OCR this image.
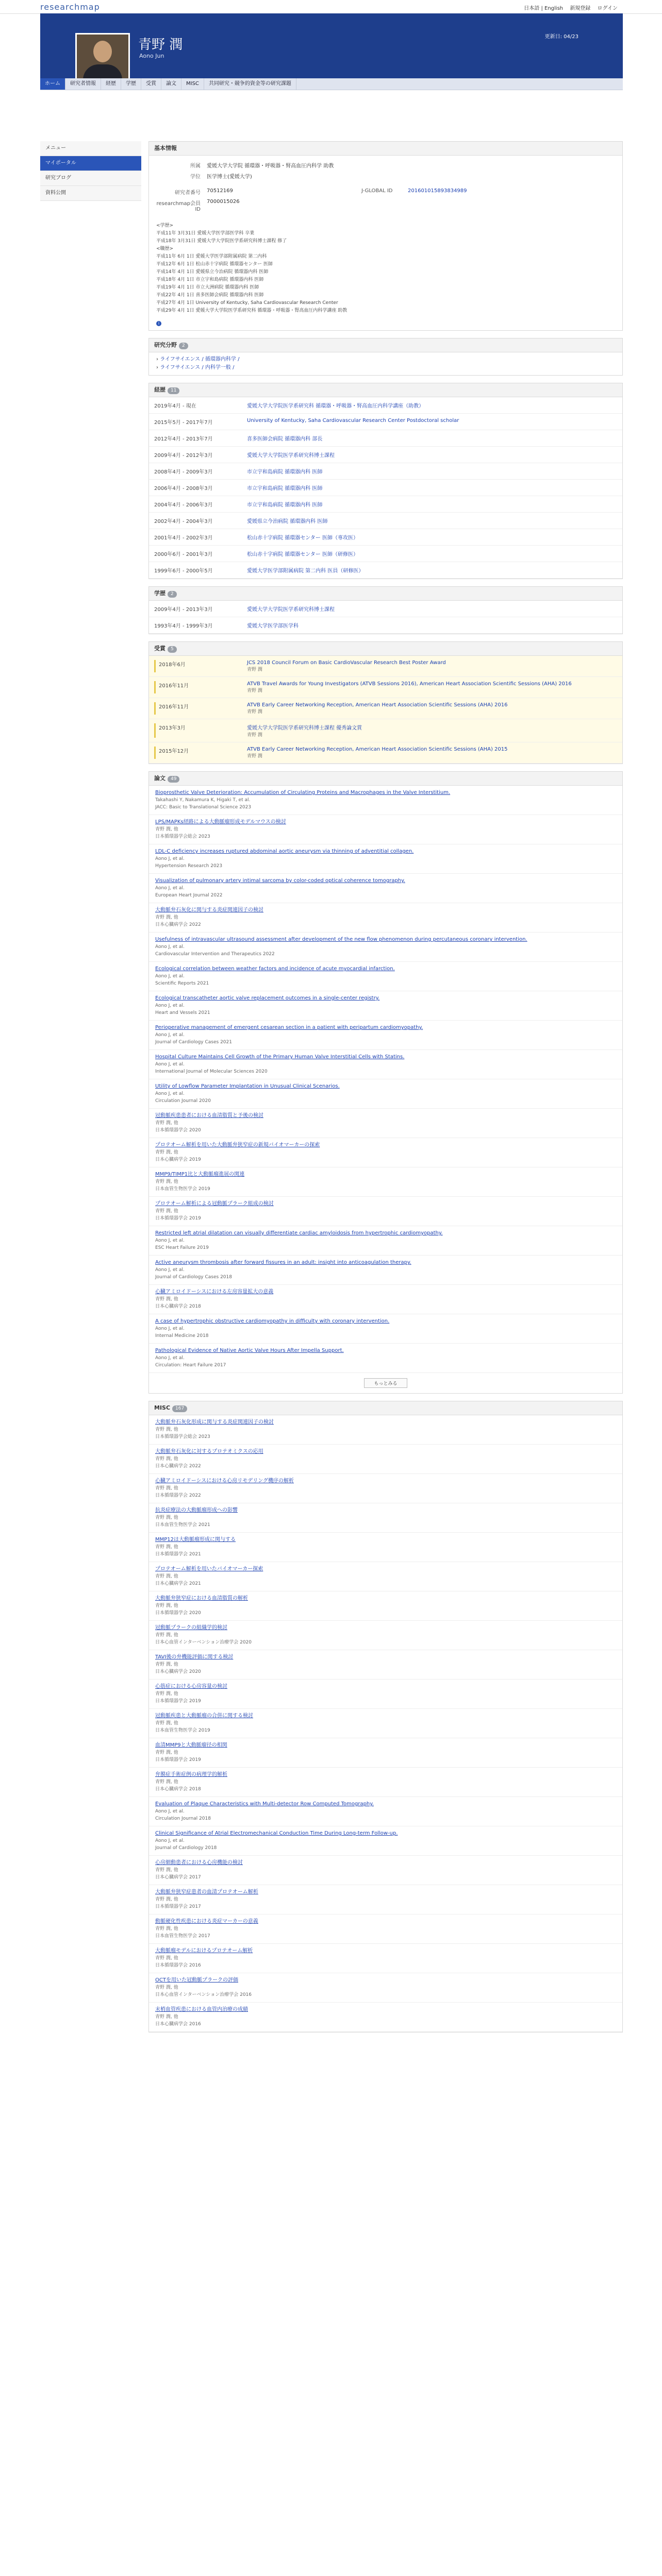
researchmap	日本語 | English 新規登録 ログイン
青野 潤
Aono Jun
更新日: 04/23
ホーム 研究者情報 経歴 学歴 受賞 論文 MISC 共同研究・競争的資金等の研究課題
メニュー
マイポータル
研究ブログ
資料公開
基本情報
所属	愛媛大学大学院 循環器・呼吸器・腎高血圧内科学 助教
学位	医学博士(愛媛大学)
研究者番号	70512169	J-GLOBAL ID	201601015893834989
researchmap会員ID
7000015026
<学歴>
平成11年 3月31日 愛媛大学医学部医学科 卒業
平成18年 3月31日 愛媛大学大学院医学系研究科博士課程 修了
<職歴>
平成11年 6月 1日 愛媛大学医学部附属病院 第二内科
平成12年 6月 1日 松山赤十字病院 循環器センター 医師
平成14年 4月 1日 愛媛県立今治病院 循環器内科 医師
平成18年 4月 1日 市立宇和島病院 循環器内科 医師
平成19年 4月 1日 市立大洲病院 循環器内科 医師
平成22年 4月 1日 喜多医師会病院 循環器内科 医師
平成27年 4月 1日 University of Kentucky, Saha Cardiovascular Research Center
平成29年 4月 1日 愛媛大学大学院医学系研究科 循環器・呼吸器・腎高血圧内科学講座 助教
i
研究分野 2
› ライフサイエンス / 循環器内科学 /
› ライフサイエンス / 内科学一般 /
経歴 11
2019年4月 - 現在	愛媛大学大学院医学系研究科 循環器・呼吸器・腎高血圧内科学講座（助教）
2015年5月 - 2017年7月	University of Kentucky, Saha Cardiovascular Research Center Postdoctoral scholar
2012年4月 - 2013年7月	喜多医師会病院 循環器内科 部長
2009年4月 - 2012年3月	愛媛大学大学院医学系研究科博士課程
2008年4月 - 2009年3月	市立宇和島病院 循環器内科 医師
2006年4月 - 2008年3月	市立宇和島病院 循環器内科 医師
2004年4月 - 2006年3月	市立宇和島病院 循環器内科 医師
2002年4月 - 2004年3月	愛媛県立今治病院 循環器内科 医師
2001年4月 - 2002年3月	松山赤十字病院 循環器センター 医師（専攻医）
2000年6月 - 2001年3月	松山赤十字病院 循環器センター 医師（研修医）
1999年6月 - 2000年5月	愛媛大学医学部附属病院 第二内科 医員（研修医）
学歴 2
2009年4月 - 2013年3月	愛媛大学大学院医学系研究科博士課程
1993年4月 - 1999年3月	愛媛大学医学部医学科
受賞 5
2018年6月	JCS 2018 Council Forum on Basic CardioVascular Research Best Poster Award
青野 潤
2016年11月	ATVB Travel Awards for Young Investigators (ATVB Sessions 2016), American Heart Association Scientific Sessions (AHA) 2016
青野 潤
2016年11月	ATVB Early Career Networking Reception, American Heart Association Scientific Sessions (AHA) 2016
青野 潤
2013年3月	愛媛大学大学院医学系研究科博士課程 優秀論文賞
青野 潤
2015年12月	ATVB Early Career Networking Reception, American Heart Association Scientific Sessions (AHA) 2015
青野 潤
論文 49
Bioprosthetic Valve Deterioration: Accumulation of Circulating Proteins and Macrophages in the Valve Interstitium.
Takahashi Y, Nakamura K, Higaki T, et al.
JACC: Basic to Translational Science 2023
LPS/MAPKs経路による大動脈瘤形成モデルマウスの検討
青野 潤, 他
日本循環器学会総会 2023
LDL-C deficiency increases ruptured abdominal aortic aneurysm via thinning of adventitial collagen.
Aono J, et al.
Hypertension Research 2023
Visualization of pulmonary artery intimal sarcoma by color-coded optical coherence tomography.
Aono J, et al.
European Heart Journal 2022
大動脈弁石灰化に関与する炎症関連因子の検討
青野 潤, 他
日本心臓病学会 2022
Usefulness of intravascular ultrasound assessment after development of the new flow phenomenon during percutaneous coronary intervention.
Aono J, et al.
Cardiovascular Intervention and Therapeutics 2022
Ecological correlation between weather factors and incidence of acute myocardial infarction.
Aono J, et al.
Scientific Reports 2021
Ecological transcatheter aortic valve replacement outcomes in a single-center registry.
Aono J, et al.
Heart and Vessels 2021
Perioperative management of emergent cesarean section in a patient with peripartum cardiomyopathy.
Aono J, et al.
Journal of Cardiology Cases 2021
Hospital Culture Maintains Cell Growth of the Primary Human Valve Interstitial Cells with Statins.
Aono J, et al.
International Journal of Molecular Sciences 2020
Utility of Lowflow Parameter Implantation in Unusual Clinical Scenarios.
Aono J, et al.
Circulation Journal 2020
冠動脈疾患患者における血清脂質と予後の検討
青野 潤, 他
日本循環器学会 2020
プロテオーム解析を用いた大動脈弁狭窄症の新規バイオマーカーの探索
青野 潤, 他
日本心臓病学会 2019
MMP9/TIMP1比と大動脈瘤進展の関連
青野 潤, 他
日本血管生物医学会 2019
プロテオーム解析による冠動脈プラーク組成の検討
青野 潤, 他
日本循環器学会 2019
Restricted left atrial dilatation can visually differentiate cardiac amyloidosis from hypertrophic cardiomyopathy.
Aono J, et al.
ESC Heart Failure 2019
Active aneurysm thrombosis after forward fissures in an adult: insight into anticoagulation therapy.
Aono J, et al.
Journal of Cardiology Cases 2018
心臓アミロイドーシスにおける左房容量拡大の意義
青野 潤, 他
日本心臓病学会 2018
A case of hypertrophic obstructive cardiomyopathy in difficulty with coronary intervention.
Aono J, et al.
Internal Medicine 2018
Pathological Evidence of Native Aortic Valve Hours After Impella Support.
Aono J, et al.
Circulation: Heart Failure 2017
もっとみる
MISC 167
大動脈弁石灰化形成に関与する炎症関連因子の検討
青野 潤, 他
日本循環器学会総会 2023
大動脈弁石灰化に対するプロテオミクスの応用
青野 潤, 他
日本心臓病学会 2022
心臓アミロイドーシスにおける心房リモデリング機序の解析
青野 潤, 他
日本循環器学会 2022
抗炎症療法の大動脈瘤形成への影響
青野 潤, 他
日本血管生物医学会 2021
MMP12は大動脈瘤形成に関与する
青野 潤, 他
日本循環器学会 2021
プロテオーム解析を用いたバイオマーカー探索
青野 潤, 他
日本心臓病学会 2021
大動脈弁狭窄症における血清脂質の解析
青野 潤, 他
日本循環器学会 2020
冠動脈プラークの組織学的検討
青野 潤, 他
日本心血管インターベンション治療学会 2020
TAVI後の弁機能評価に関する検討
青野 潤, 他
日本心臓病学会 2020
心筋症における心房容量の検討
青野 潤, 他
日本循環器学会 2019
冠動脈疾患と大動脈瘤の合併に関する検討
青野 潤, 他
日本血管生物医学会 2019
血清MMP9と大動脈瘤径の相関
青野 潤, 他
日本循環器学会 2019
弁膜症手術症例の病理学的解析
青野 潤, 他
日本心臓病学会 2018
Evaluation of Plaque Characteristics with Multi-detector Row Computed Tomography.
Aono J, et al.
Circulation Journal 2018
Clinical Significance of Atrial Electromechanical Conduction Time During Long-term Follow-up.
Aono J, et al.
Journal of Cardiology 2018
心房細動患者における心房機能の検討
青野 潤, 他
日本心臓病学会 2017
大動脈弁狭窄症患者の血清プロテオーム解析
青野 潤, 他
日本循環器学会 2017
動脈硬化性疾患における炎症マーカーの意義
青野 潤, 他
日本血管生物医学会 2017
大動脈瘤モデルにおけるプロテオーム解析
青野 潤, 他
日本循環器学会 2016
OCTを用いた冠動脈プラークの評価
青野 潤, 他
日本心血管インターベンション治療学会 2016
末梢血管疾患における血管内治療の成績
青野 潤, 他
日本心臓病学会 2016
